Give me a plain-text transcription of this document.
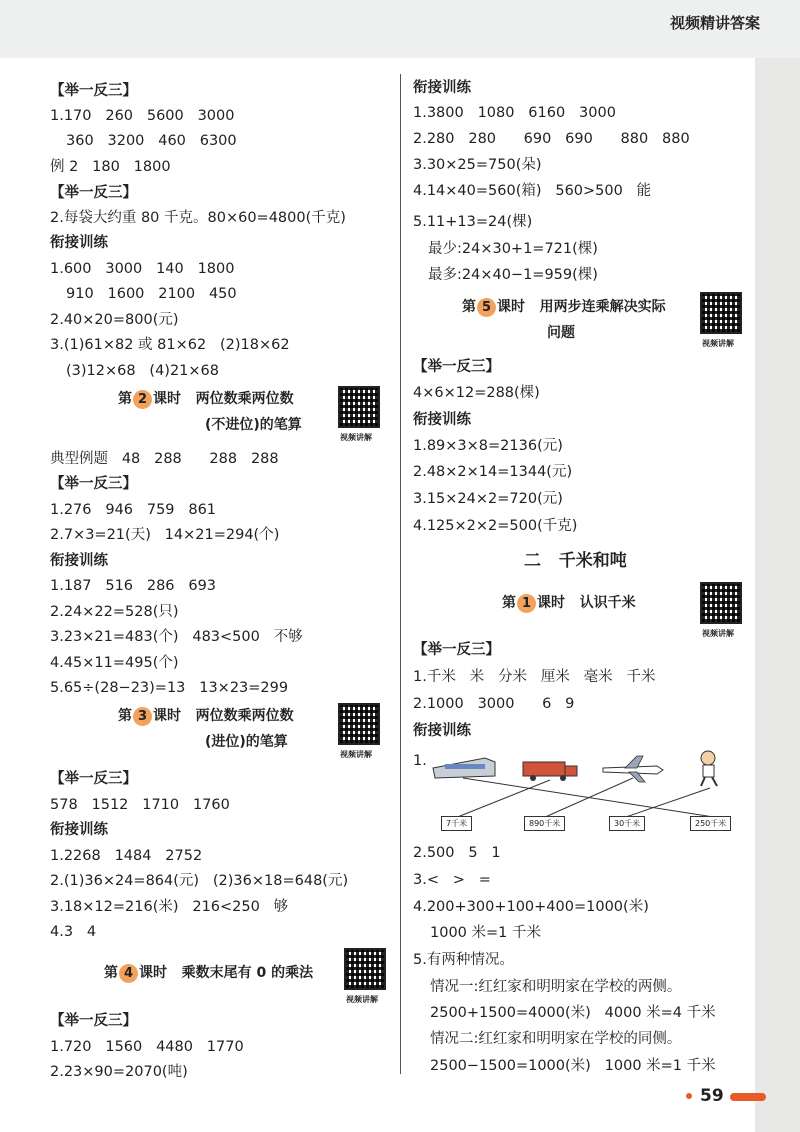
视频精讲答案
【举一反三】
1.170   260   5600   3000
360   3200   460   6300
例 2   180   1800
【举一反三】
2.每袋大约重 80 千克。80×60=4800(千克)
衔接训练
1.600   3000   140   1800
910   1600   2100   450
2.40×20=800(元)
3.(1)61×82 或 81×62   (2)18×62
(3)12×68   (4)21×68
第 2 课时   两位数乘两位数
(不进位)的笔算
视频讲解
典型例题   48   288      288   288
【举一反三】
1.276   946   759   861
2.7×3=21(天)   14×21=294(个)
衔接训练
1.187   516   286   693
2.24×22=528(只)
3.23×21=483(个)   483<500   不够
4.45×11=495(个)
5.65÷(28−23)=13   13×23=299
第 3 课时   两位数乘两位数
(进位)的笔算
视频讲解
【举一反三】
578   1512   1710   1760
衔接训练
1.2268   1484   2752
2.(1)36×24=864(元)   (2)36×18=648(元)
3.18×12=216(米)   216<250   够
4.3   4
第 4 课时   乘数末尾有 0 的乘法
视频讲解
【举一反三】
1.720   1560   4480   1770
2.23×90=2070(吨)
衔接训练
1.3800   1080   6160   3000
2.280   280      690   690      880   880
3.30×25=750(朵)
4.14×40=560(箱)   560>500   能
5.11+13=24(棵)
最少:24×30+1=721(棵)
最多:24×40−1=959(棵)
第 5 课时   用两步连乘解决实际
问题
视频讲解
【举一反三】
4×6×12=288(棵)
衔接训练
1.89×3×8=2136(元)
2.48×2×14=1344(元)
3.15×24×2=720(元)
4.125×2×2=500(千克)
二   千米和吨
第 1 课时   认识千米
视频讲解
【举一反三】
1.千米   米   分米   厘米   毫米   千米
2.1000   3000      6   9
衔接训练
1.
7千米	890千米	30千米	250千米
2.500   5   1
3.<   >   =
4.200+300+100+400=1000(米)
1000 米=1 千米
5.有两种情况。
情况一:红红家和明明家在学校的两侧。
2500+1500=4000(米)   4000 米=4 千米
情况二:红红家和明明家在学校的同侧。
2500−1500=1000(米)   1000 米=1 千米
59
